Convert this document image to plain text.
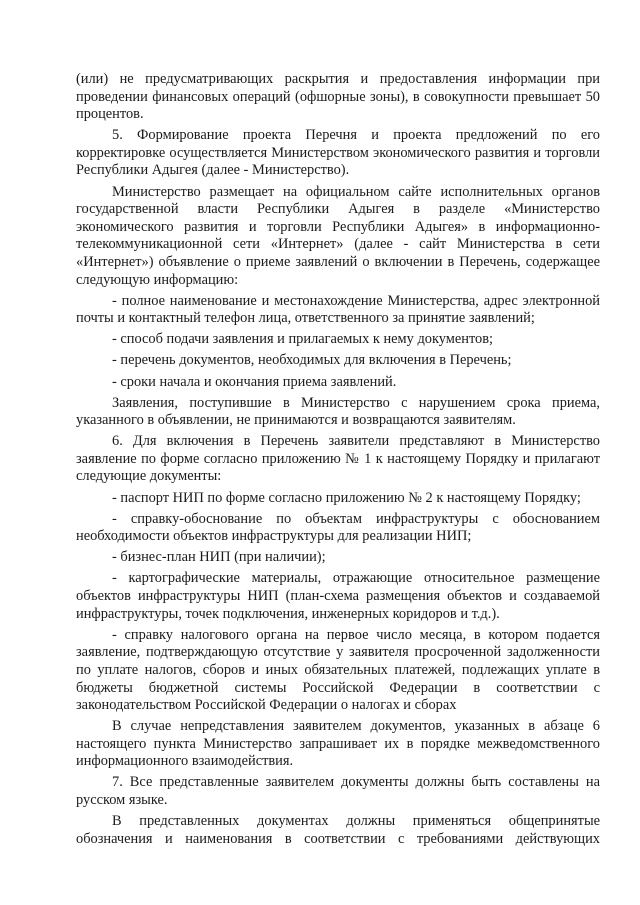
(или) не предусматривающих раскрытия и предоставления информации при проведении финансовых операций (офшорные зоны), в совокупности превышает 50 процентов.

5. Формирование проекта Перечня и проекта предложений по его корректировке осуществляется Министерством экономического развития и торговли Республики Адыгея (далее - Министерство).

Министерство размещает на официальном сайте исполнительных органов государственной власти Республики Адыгея в разделе «Министерство экономического развития и торговли Республики Адыгея» в информационно-телекоммуникационной сети «Интернет» (далее - сайт Министерства в сети «Интернет») объявление о приеме заявлений о включении в Перечень, содержащее следующую информацию:

- полное наименование и местонахождение Министерства, адрес электронной почты и контактный телефон лица, ответственного за принятие заявлений;

- способ подачи заявления и прилагаемых к нему документов;

- перечень документов, необходимых для включения в Перечень;

- сроки начала и окончания приема заявлений.

Заявления, поступившие в Министерство с нарушением срока приема, указанного в объявлении, не принимаются и возвращаются заявителям.

6. Для включения в Перечень заявители представляют в Министерство заявление по форме согласно приложению № 1 к настоящему Порядку и прилагают следующие документы:

- паспорт НИП по форме согласно приложению № 2 к настоящему Порядку;

- справку-обоснование по объектам инфраструктуры с обоснованием необходимости объектов инфраструктуры для реализации НИП;

- бизнес-план НИП (при наличии);

- картографические материалы, отражающие относительное размещение объектов инфраструктуры НИП (план-схема размещения объектов и создаваемой инфраструктуры, точек подключения, инженерных коридоров и т.д.).

- справку налогового органа на первое число месяца, в котором подается заявление, подтверждающую отсутствие у заявителя просроченной задолженности по уплате налогов, сборов и иных обязательных платежей, подлежащих уплате в бюджеты бюджетной системы Российской Федерации в соответствии с законодательством Российской Федерации о налогах и сборах

В случае непредставления заявителем документов, указанных в абзаце 6 настоящего пункта Министерство запрашивает их в порядке межведомственного информационного взаимодействия.

7. Все представленные заявителем документы должны быть составлены на русском языке.

В представленных документах должны применяться общепринятые обозначения и наименования в соответствии с требованиями действующих
